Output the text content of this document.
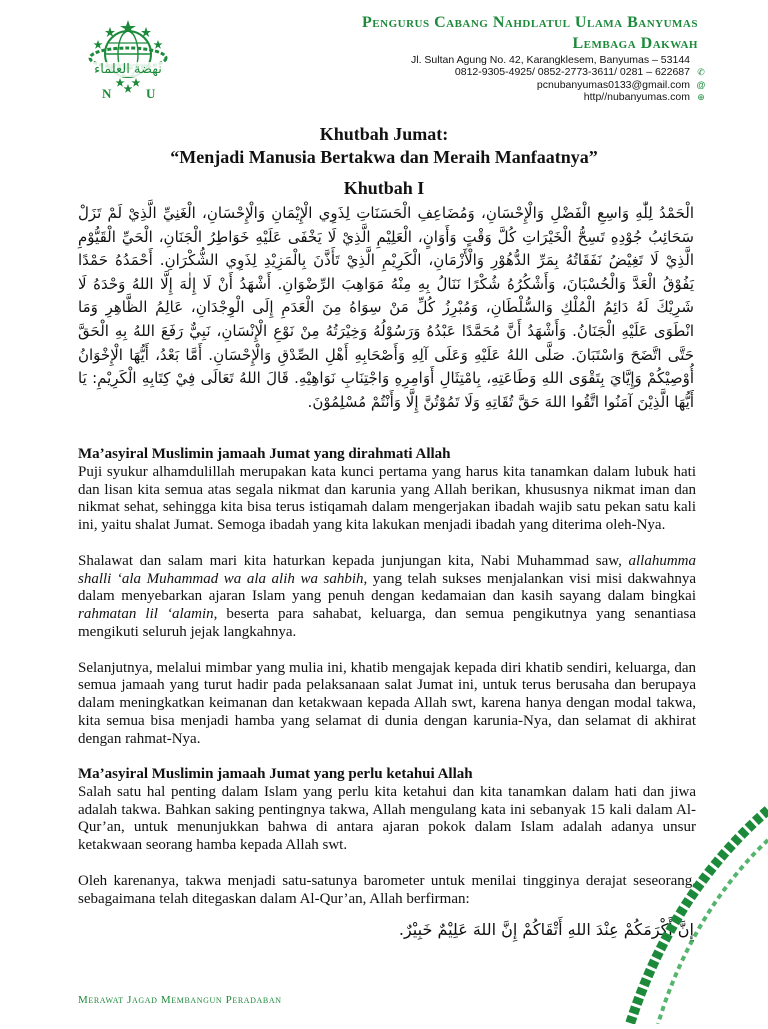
نهضة العلماء
N	U
Pengurus Cabang Nahdlatul Ulama Banyumas
Lembaga Dakwah
Jl. Sultan Agung No. 42, Karangklesem, Banyumas – 53144
0812-9305-4925/ 0852-2773-3611/ 0281 – 622687 ✆
pcnubanyumas0133@gmail.com @
http//nubanyumas.com ⊕
Khutbah Jumat:
“Menjadi Manusia Bertakwa dan Meraih Manfaatnya”
Khutbah I
الْحَمْدُ لِلّٰهِ وَاسِعِ الْفَضْلِ وَالْإِحْسَانِ، وَمُضَاعِفِ الْحَسَنَاتِ لِذَوِي الْإِيْمَانِ وَالْإِحْسَانِ، الْغَنِيِّ الَّذِيْ لَمْ تَزَلْ سَحَائِبُ جُوْدِهِ تَسِحُّ الْخَيْرَاتِ كُلَّ وَقْتٍ وَأَوَانٍ، الْعَلِيْمِ الَّذِيْ لَا يَخْفَى عَلَيْهِ خَوَاطِرُ الْجَنَانِ، الْحَيِّ الْقَيُّوْمِ الَّذِيْ لَا تَغِيْضُ نَفَقَاتُهُ بِمَرِّ الدُّهُوْرِ وَالْأَزْمَانِ، الْكَرِيْمِ الَّذِيْ تَأَذَّنَ بِالْمَزِيْدِ لِذَوِي الشُّكْرَانِ. أَحْمَدُهُ حَمْدًا يَفُوْقُ الْعَدَّ وَالْحُسْبَانَ، وَأَشْكُرُهُ شُكْرًا نَنَالُ بِهِ مِنْهُ مَوَاهِبَ الرِّضْوَانِ. أَشْهَدُ أَنْ لَا إِلٰهَ إِلَّا اللهُ وَحْدَهُ لَا شَرِيْكَ لَهُ دَائِمُ الْمُلْكِ وَالسُّلْطَانِ، وَمُبْرِزُ كُلِّ مَنْ سِوَاهُ مِنَ الْعَدَمِ إِلَى الْوِجْدَانِ، عَالِمُ الظَّاهِرِ وَمَا انْطَوَى عَلَيْهِ الْجَنَانُ. وَأَشْهَدُ أَنَّ مُحَمَّدًا عَبْدُهُ وَرَسُوْلُهُ وَخِيْرَتُهُ مِنْ نَوْعِ الْإِنْسَانِ، نَبِيٌّ رَفَعَ اللهُ بِهِ الْحَقَّ حَتَّى اتَّضَحَ وَاسْتَبَانَ. صَلَّى اللهُ عَلَيْهِ وَعَلَى آلِهِ وَأَصْحَابِهِ أَهْلِ الصِّدْقِ وَالْإِحْسَانِ. أَمَّا بَعْدُ، أَيُّهَا الْإِخْوَانُ أُوْصِيْكُمْ وَإِيَّايَ بِتَقْوَى اللهِ وَطَاعَتِهِ، بِامْتِثَالِ أَوَامِرِهِ وَاجْتِنَابِ نَوَاهِيْهِ. قَالَ اللهُ تَعَالَى فِيْ كِتَابِهِ الْكَرِيْمِ: يَا أَيُّهَا الَّذِيْنَ آمَنُوا اتَّقُوا اللهَ حَقَّ تُقَاتِهِ وَلَا تَمُوْتُنَّ إِلَّا وَأَنْتُمْ مُسْلِمُوْنَ.
Ma’asyiral Muslimin jamaah Jumat yang dirahmati Allah

Puji syukur alhamdulillah merupakan kata kunci pertama yang harus kita tanamkan dalam lubuk hati dan lisan kita semua atas segala nikmat dan karunia yang Allah berikan, khususnya nikmat iman dan nikmat sehat, sehingga kita bisa terus istiqamah dalam mengerjakan ibadah wajib satu pekan satu kali ini, yaitu shalat Jumat. Semoga ibadah yang kita lakukan menjadi ibadah yang diterima oleh-Nya.

Shalawat dan salam mari kita haturkan kepada junjungan kita, Nabi Muhammad saw, allahumma shalli ‘ala Muhammad wa ala alih wa sahbih, yang telah sukses menjalankan visi misi dakwahnya dalam menyebarkan ajaran Islam yang penuh dengan kedamaian dan kasih sayang dalam bingkai rahmatan lil ‘alamin, beserta para sahabat, keluarga, dan semua pengikutnya yang senantiasa mengikuti seluruh jejak langkahnya.

Selanjutnya, melalui mimbar yang mulia ini, khatib mengajak kepada diri khatib sendiri, keluarga, dan semua jamaah yang turut hadir pada pelaksanaan salat Jumat ini, untuk terus berusaha dan berupaya dalam meningkatkan keimanan dan ketakwaan kepada Allah swt, karena hanya dengan modal takwa, kita semua bisa menjadi hamba yang selamat di dunia dengan karunia-Nya, dan selamat di akhirat dengan rahmat-Nya.

Ma’asyiral Muslimin jamaah Jumat yang perlu ketahui Allah

Salah satu hal penting dalam Islam yang perlu kita ketahui dan kita tanamkan dalam hati dan jiwa adalah takwa. Bahkan saking pentingnya takwa, Allah mengulang kata ini sebanyak 15 kali dalam Al-Qur’an, untuk menunjukkan bahwa di antara ajaran pokok dalam Islam adalah adanya unsur ketakwaan seorang hamba kepada Allah swt.

Oleh karenanya, takwa menjadi satu-satunya barometer untuk menilai tingginya derajat seseorang, sebagaimana telah ditegaskan dalam Al-Qur’an, Allah berfirman:

إِنَّ أَكْرَمَكُمْ عِنْدَ اللهِ أَتْقَاكُمْ إِنَّ اللهَ عَلِيْمٌ خَبِيْرٌ.
Merawat Jagad Membangun Peradaban
